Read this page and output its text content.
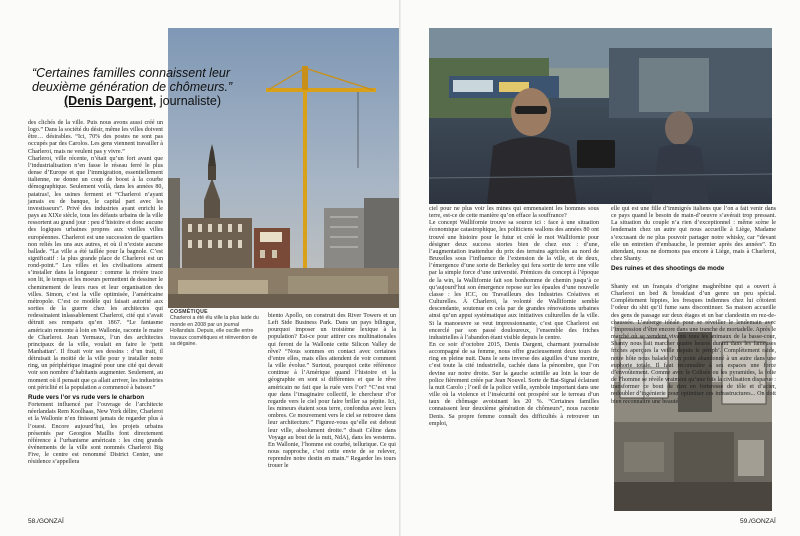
“Certaines familles connaissent leur deuxième génération de chômeurs.”
(Denis Dargent, journaliste)

des clichés de la ville. Puis nous avons aussi créé un logo.” Dans la société du désir, même les villes doivent être… désirables. “Ici, 70% des postes ne sont pas occupés par des Carolos. Les gens viennent travailler à Charleroi, mais ne veulent pas y vivre.”

Charleroi, ville récente, n’était qu’un fort avant que l’industrialisation n’en fasse le réseau ferré le plus dense d’Europe et que l’immigration, essentiellement italienne, ne donne un coup de boost à la courbe démographique. Seulement voilà, dans les années 80, patatras!, les usines ferment et “Charleroi n’ayant jamais eu de banque, le capital part avec les investisseurs”. Privé des industries ayant enrichi le pays au XIXe siècle, tous les défauts urbains de la ville ressortent au grand jour : peu d’histoire et donc aucune des logiques urbaines propres aux vieilles villes européennes. Charleroi est une succession de quartiers non reliés les uns aux autres, et où il n’existe aucune ballade. “La ville a été taillée pour la bagnole. C’est significatif : la plus grande place de Charleroi est un rond-point.” Les villes et les civilisations aiment s’installer dans la longueur : comme la rivière trace son lit, le temps et les moeurs permettent de dessiner le cheminement de leurs rues et leur organisation des villes. Simon, c’est la ville optimisée, l’américaine métropole. C’est ce modèle qui faisait autorité aux sorties de la guerre chez les architectes qui redessinaient inlassablement Charleroi, cité qui s’avait détruit ses remparts qu’en 1867. “Le fantasme américain remonte à loin en Wallonie, raconte le maire de Charleroi. Jean Yermaux, l’un des architectes principaux de la ville, voulait en faire le ‘petit Manhattan’. Il fixait voir ses dessins : d’un trait, il détruisait la moitié de la ville pour y installer notre ring, un périphérique imaginé pour une cité qui devait voir son nombre d’habitants augmenter. Seulement, au moment où il pensait que ça allait arriver, les industries ont périclité et la population a commencé à baisser.”

Rude vers l’or vs rude vers le charbon

Fortement influencé par l’ouvrage de l’architecte néerlandais Rem Koolhaas, New York délire, Charleroi et la Wallonie n’en finissent jamais de regarder plus à l’ouest. Encore aujourd’hui, les projets urbains présentés par Georgios Maillis font directement référence à l’urbanisme américain : les cinq grands événements de la ville sont nommés Charleroi Big Five, le centre est renommé District Center, une résidence s’appellera

COSMÉTIQUE
Charleroi a été élu ville la plus laide du monde en 2008 par un journal Hollandais. Depuis, elle oscille entre travaux cosmétiques et réinvention de sa dégaine.

biento Apollo, on construit des River Towers et un Left Side Business Park. Dans un pays bilingue, pourquoi imposer un troisième lexique à la population? Est-ce pour attirer ces multinationales qui feront de la Wallonie cette Silicon Valley de rêve? “Nous sommes en contact avec certaines d’entre elles, mais elles attendent de voir comment la ville évolue.” Surtout, pourquoi cette référence continue à l’Amérique quand l’histoire et la géographie en sont si différentes et que le rêve américain ne fait que la ruée vers l’or? “C’est vrai que dans l’imaginaire collectif, le chercheur d’or regarde vers le ciel pour faire briller sa pépite. Ici, les mineurs étaient sous terre, confondus avec leurs ombres. Ce mouvement vers le ciel se retrouve dans leur architecture.” Figurez-vous qu’elle est debout leur ville, absolument droite.” disait Céline dans Voyage au bout de la nuit, NdA), dans les westerns. En Wallonie, l’homme est courbé, tellurique. Ce qui nous rapproche, c’est cette envie de se relever, reprendre notre destin en main.” Regarder les tours trouer le

ciel pour ne plus voir les mines qui emmenaient les hommes sous terre, est-ce de cette manière qu’on efface la souffrance?

Le concept Wallifornie trouve sa source ici : face à une situation économique catastrophique, les politiciens wallons des années 80 ont trouvé une histoire pour le futur et créé le mot Wallifornie pour désigner deux success stories bien de chez eux : d’une, l’augmentation inattendue du prix des terrains agricoles au nord de Bruxelles sous l’influence de l’extension de la ville, et de deux, l’émergence d’une sorte de Berkeley qui fera sortir de terre une ville par la simple force d’une université. Prémices du concept à l’époque de la win, la Wallifornie fait son bonhomme de chemin jusqu’à ce qu’aujourd’hui son émergence repose sur les épaules d’une nouvelle classe : les ICC, ou Travailleurs des Industries Créatives et Culturelles. À Charleroi, la volonté de Wallifornie semble descendante, soutenue en cela par de grandes rénovations urbaines ainsi qu’un appui systématique aux initiatives culturelles de la ville. Si la manoeuvre se veut impressionnante, c’est que Charleroi est encerclé par son passé douloureux, l’ensemble des friches industrielles à l’abandon étant visible depuis le centre.

En ce soir d’octobre 2015, Denis Dargent, charmant journaliste accompagné de sa femme, nous offre gracieusement deux tours de ring en pleine nuit. Dans le sens inverse des aiguilles d’une montre, c’est toute la cité industrielle, cachée dans la pénombre, que l’on devine sur notre droite. Sur la gauche scintille au loin la tour de police fièrement créée par Jean Nouvel. Sorte de Bat-Signal éclairant la nuit Carolo ; l’oeil de la police veille, symbole important dans une ville où la violence et l’insécurité ont prospéré sur le terreau d’un taux de chômage avoisinant les 20 %. “Certaines familles connaissent leur deuxième génération de chômeurs”, nous raconte Denis. Sa propre femme connaît des difficultés à retrouver un emploi,

elle qui est une fille d’immigrés italiens que l’on a fait venir dans ce pays quand le besoin de main-d’oeuvre s’avérait trop pressant. La situation du couple n’a rien d’exceptionnel : même scène le lendemain chez un autre qui nous accueille à Liège, Madame s’excusant de ne plus pouvoir partager notre whisky, car “devant elle un entretien d’embauche, le premier après des années”. En attendant, nous ne dormons pas encore à Liège, mais à Charleroi, chez Shanty.

Des ruines et des shootings de mode
58./GONZAÏ	59./GONZAÏ

Shanty est un français d’origine maghrébine qui a ouvert à Charleroi un bed & breakfast d’un genre un peu spécial. Complètement hippies, les fresques indiennes chez lui côtoient l’odeur du shit qu’il fume sans discontinuer. Sa maison accueille des gens de passage sur deux étages et un bar clandestin en rez-de-chaussée. L’auberge idéale pour se réveiller le lendemain avec l’impression d’être encore dans une tranche de mortadelle. Après le marché où se vendent vivants tous les animaux de la basse-cour, Shanty nous fait marcher quatre heures durant dans les fameuses friches aperçues la veille depuis le périph’. Complètement raide, notre hôte nous balade d’un point abandonné à un autre dans une euphorie totale. Il faut reconnaître à ses espaces une force d’envoûtement. Comme avec le Colisée ou les pyramides, la folie de l’homme se révèle vraiment qu’une fois la civilisation disparue : transformer ce bout de rien en forteresse de tôle et d’acier, redoubler d’ingénierie pour optimiser ces infrastructures... On doit bien reconnaître une beauté
